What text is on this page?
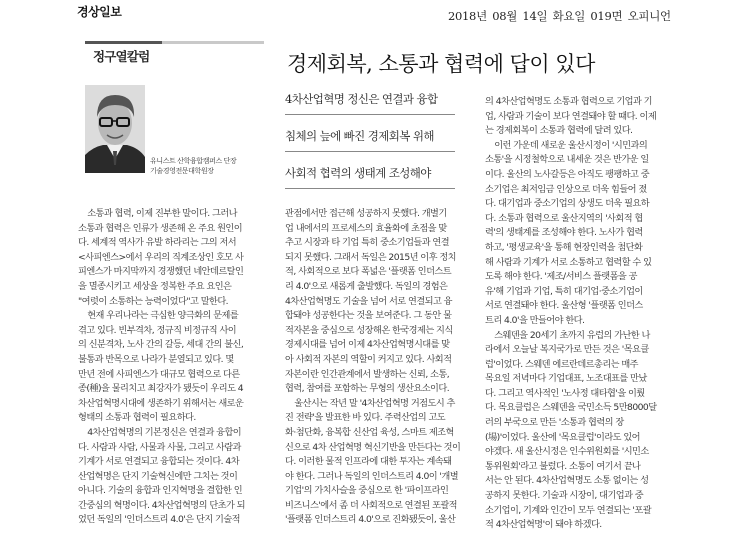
경상일보	2018년 08월 14일 화요일 019면 오피니언
정구열칼럼	경제회복, 소통과 협력에 답이 있다
유니스트 산학융합캠퍼스 단장
기술경영전문대학원장
4차산업혁명 정신은 연결과 융합
침체의 늪에 빠진 경제회복 위해
사회적 협력의 생태계 조성해야
소통과 협력, 이제 진부한 말이다. 그러나
소통과 협력은 인류가 생존해 온 주요 원인이
다. 세계적 역사가 유발 하라리는 그의 저서
<사피엔스>에서 우리의 직계조상인 호모 사
피엔스가 마지막까지 경쟁했던 네안데르탈인
을 멸종시키고 세상을 정복한 주요 요인은
"여럿이 소통하는 능력이었다"고 말한다.
현재 우리나라는 극심한 양극화의 문제를
겪고 있다. 빈부격차, 정규직 비정규직 사이
의 신분격차, 노사 간의 갈등, 세대 간의 불신,
불통과 반목으로 나라가 분열되고 있다. 몇
만년 전에 사피엔스가 대규모 협력으로 다른
종(種)을 물리치고 최강자가 됐듯이 우리도 4
차산업혁명시대에 생존하기 위해서는 새로운
형태의 소통과 협력이 필요하다.
4차산업혁명의 기본정신은 연결과 융합이
다. 사람과 사람, 사물과 사물, 그리고 사람과
기계가 서로 연결되고 융합되는 것이다. 4차
산업혁명은 단지 기술혁신에만 그치는 것이
아니다. 기술의 융합과 인지혁명을 결합한 인
간중심의 혁명이다. 4차산업혁명의 단초가 되
었던 독일의 '인더스트리 4.0'은 단지 기술적
관점에서만 접근해 성공하지 못했다. 개별기
업 내에서의 프로세스의 효율화에 초점을 맞
추고 시장과 타 기업 특히 중소기업들과 연결
되지 못했다. 그래서 독일은 2015년 이후 정치
적, 사회적으로 보다 폭넓은 '플랫폼 인더스트
리 4.0'으로 새롭게 출발했다. 독일의 경험은
4차산업혁명도 기술을 넘어 서로 연결되고 융
합돼야 성공한다는 것을 보여준다. 그 동안 물
적자본을 중심으로 성장해온 한국경제는 지식
경제시대를 넘어 이제 4차산업혁명시대를 맞
아 사회적 자본의 역할이 커지고 있다. 사회적
자본이란 인간관계에서 발생하는 신뢰, 소통,
협력, 참여를 포함하는 무형의 생산요소이다.
울산시는 작년 말 '4차산업혁명 거점도시 추
진 전략'을 발표한 바 있다. 주력산업의 고도
화·첨단화, 융복합 신산업 육성, 스마트 제조혁
신으로 4차 산업혁명 혁신기반을 만든다는 것이
다. 이러한 물적 인프라에 대한 투자는 계속돼
야 한다. 그러나 독일의 인더스트리 4.0이 '개별
기업'의 가치사슬을 중심으로 한 '파이프라인
비즈니스'에서 좀 더 사회적으로 연결된 포괄적
'플랫폼 인더스트리 4.0'으로 진화됐듯이, 울산
의 4차산업혁명도 소통과 협력으로 기업과 기
업, 사람과 기술이 보다 연결돼야 할 때다. 이제
는 경제회복이 소통과 협력에 달려 있다.
이런 가운데 새로운 울산시정이 '시민과의
소통'을 시정철학으로 내세운 것은 반가운 일
이다. 울산의 노사갈등은 아직도 팽팽하고 중
소기업은 최저임금 인상으로 더욱 힘들어 졌
다. 대기업과 중소기업의 상생도 더욱 필요하
다. 소통과 협력으로 울산지역의 '사회적 협
력'의 생태계를 조성해야 한다. 노사가 협력
하고, '평생교육'을 통해 현장인력을 첨단화
해 사람과 기계가 서로 소통하고 협력할 수 있
도록 해야 한다. '제조/서비스 플랫폼을 공
유'해 기업과 기업, 특히 대기업·중소기업이
서로 연결돼야 한다. 울산형 '플랫폼 인더스
트리 4.0'을 만들어야 한다.
스웨덴을 20세기 초까지 유럽의 가난한 나
라에서 오늘날 복지국가로 만든 것은 '목요클
럽'이었다. 스웨덴 에르란데르총리는 매주
목요일 저녁마다 기업대표, 노조대표를 만났
다. 그리고 역사적인 '노사정 대타협'을 이뤘
다. 목요클럽은 스웨덴을 국민소득 5만8000달
러의 부국으로 만든 '소통과 협력의 장
(場)'이었다. 울산에 '목요클럽'이라도 있어
야겠다. 새 울산시정은 인수위원회를 '시민소
통위원회'라고 불렀다. 소통이 여기서 끝나
서는 안 된다. 4차산업혁명도 소통 없이는 성
공하지 못한다. 기술과 시장이, 대기업과 중
소기업이, 기계와 인간이 모두 연결되는 '포괄
적 4차산업혁명'이 돼야 하겠다.
